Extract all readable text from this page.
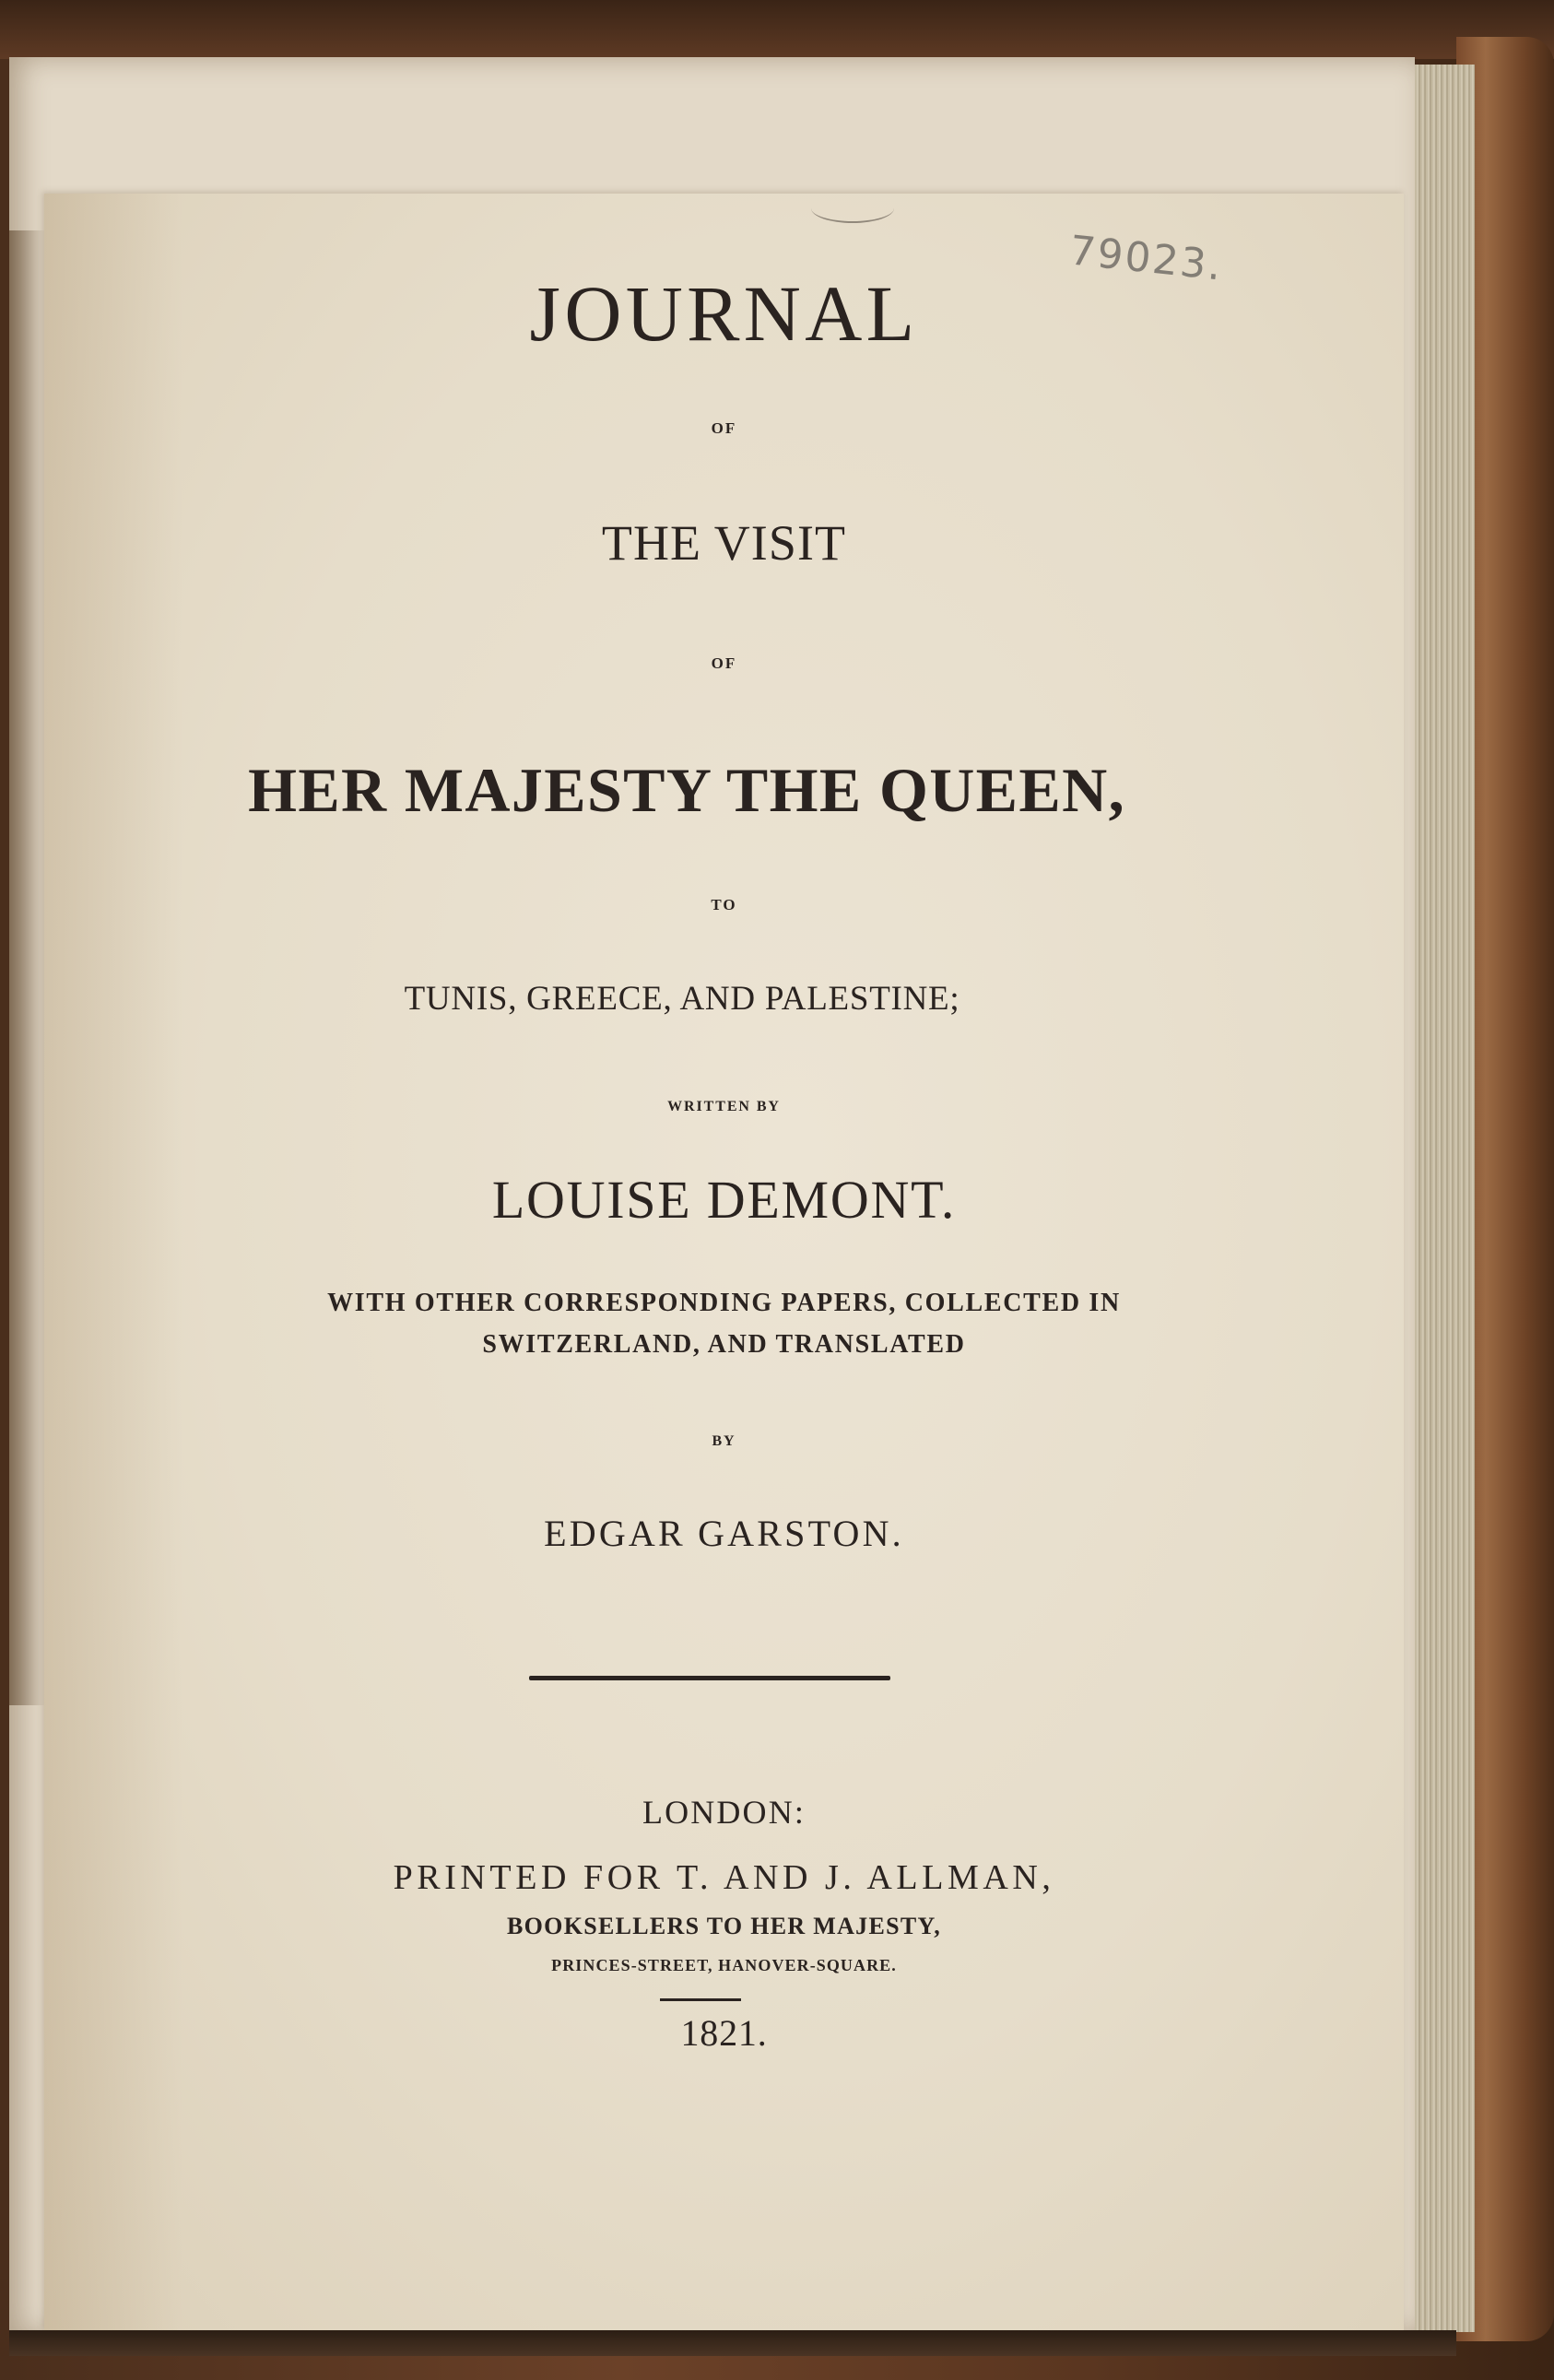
79023.
JOURNAL
OF
THE VISIT
OF
HER MAJESTY THE QUEEN,
TO
TUNIS, GREECE, AND PALESTINE;
WRITTEN BY
LOUISE DEMONT.
WITH OTHER CORRESPONDING PAPERS, COLLECTED IN
SWITZERLAND, AND TRANSLATED
BY
EDGAR GARSTON.
LONDON:
PRINTED FOR T. AND J. ALLMAN,
BOOKSELLERS TO HER MAJESTY,
PRINCES-STREET, HANOVER-SQUARE.
1821.
